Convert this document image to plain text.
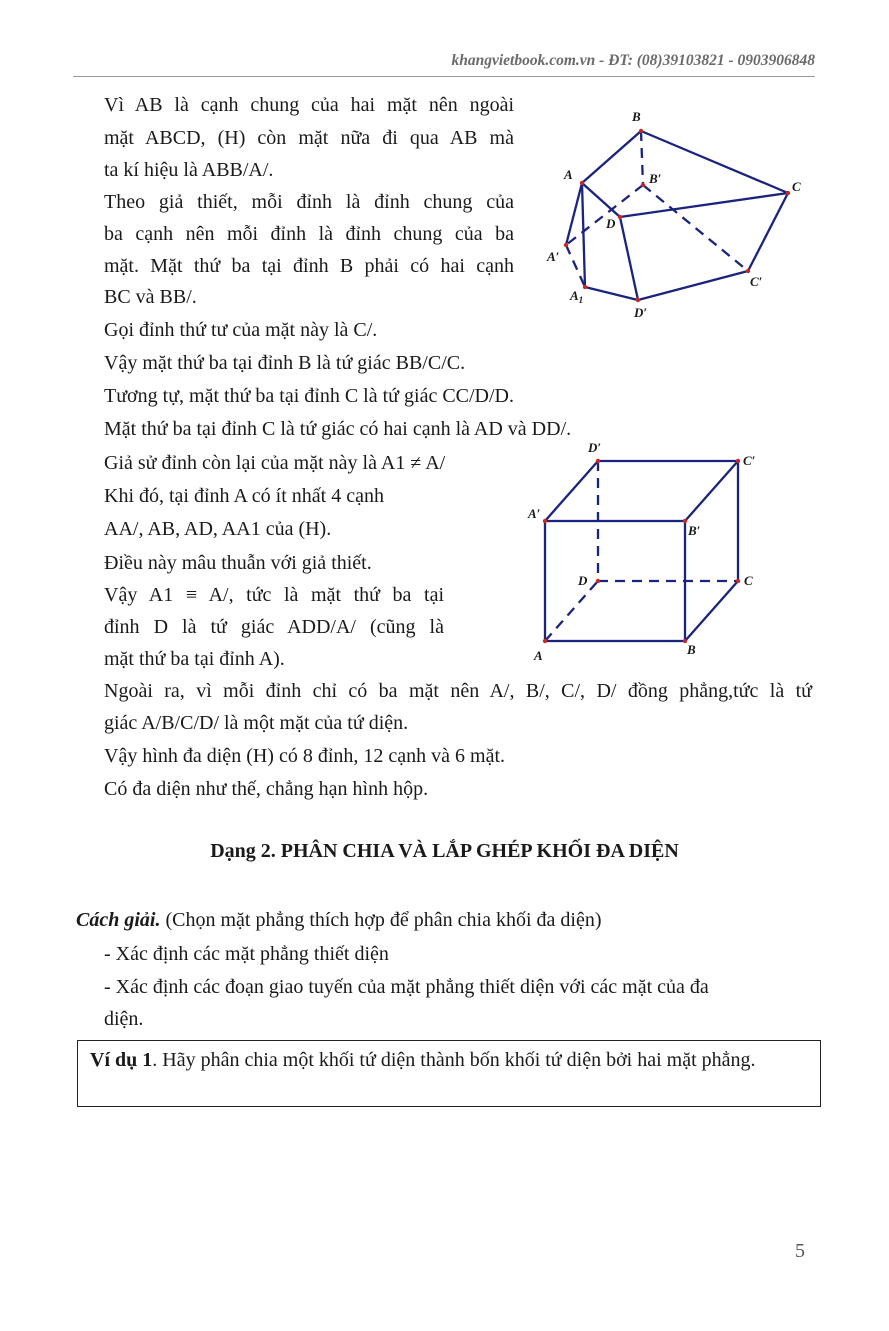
khangvietbook.com.vn - ĐT: (08)39103821 - 0903906848
Vì AB là cạnh chung của hai mặt nên ngoài
mặt ABCD, (H) còn mặt nữa đi qua AB mà
ta kí hiệu là ABB/A/.
Theo giả thiết, mỗi đỉnh là đỉnh chung của
ba cạnh nên mỗi đỉnh là đỉnh chung của ba
mặt. Mặt thứ ba tại đỉnh B phải có hai cạnh
BC và BB/.
Gọi đỉnh thứ tư của mặt này là C/.
Vậy mặt thứ ba tại đỉnh B là tứ giác BB/C/C.
Tương tự, mặt thứ ba tại đỉnh C là tứ giác CC/D/D.
Mặt thứ ba tại đỉnh C là tứ giác có hai cạnh là AD và DD/.
Giả sử đỉnh còn lại của mặt này là A1 ≠ A/
Khi đó, tại đỉnh A có ít nhất 4 cạnh
AA/, AB, AD, AA1 của (H).
Điều này mâu thuẫn với giả thiết.
Vậy A1 ≡ A/, tức là mặt thứ ba tại
đỉnh D là tứ giác ADD/A/ (cũng là
mặt thứ ba tại đỉnh A).
Ngoài ra, vì mỗi đỉnh chỉ có ba mặt nên A/, B/, C/, D/ đồng phẳng,tức là tứ
giác A/B/C/D/ là một mặt của tứ diện.
Vậy hình đa diện (H) có 8 đỉnh, 12 cạnh và 6 mặt.
Có đa diện như thế, chẳng hạn hình hộp.
Dạng 2. PHÂN CHIA VÀ LẮP GHÉP KHỐI ĐA DIỆN
Cách giải. (Chọn mặt phẳng thích hợp để phân chia khối đa diện)
- Xác định các mặt phẳng thiết diện
- Xác định các đoạn giao tuyến của mặt phẳng thiết diện với các mặt của đa
diện.
Ví dụ 1. Hãy phân chia một khối tứ diện thành bốn khối tứ diện bởi hai mặt phẳng.
5
B
B′
A
C
D
A′
C′
$A_1$
D′
D′
C′
A′
B′
D	C
A	B
